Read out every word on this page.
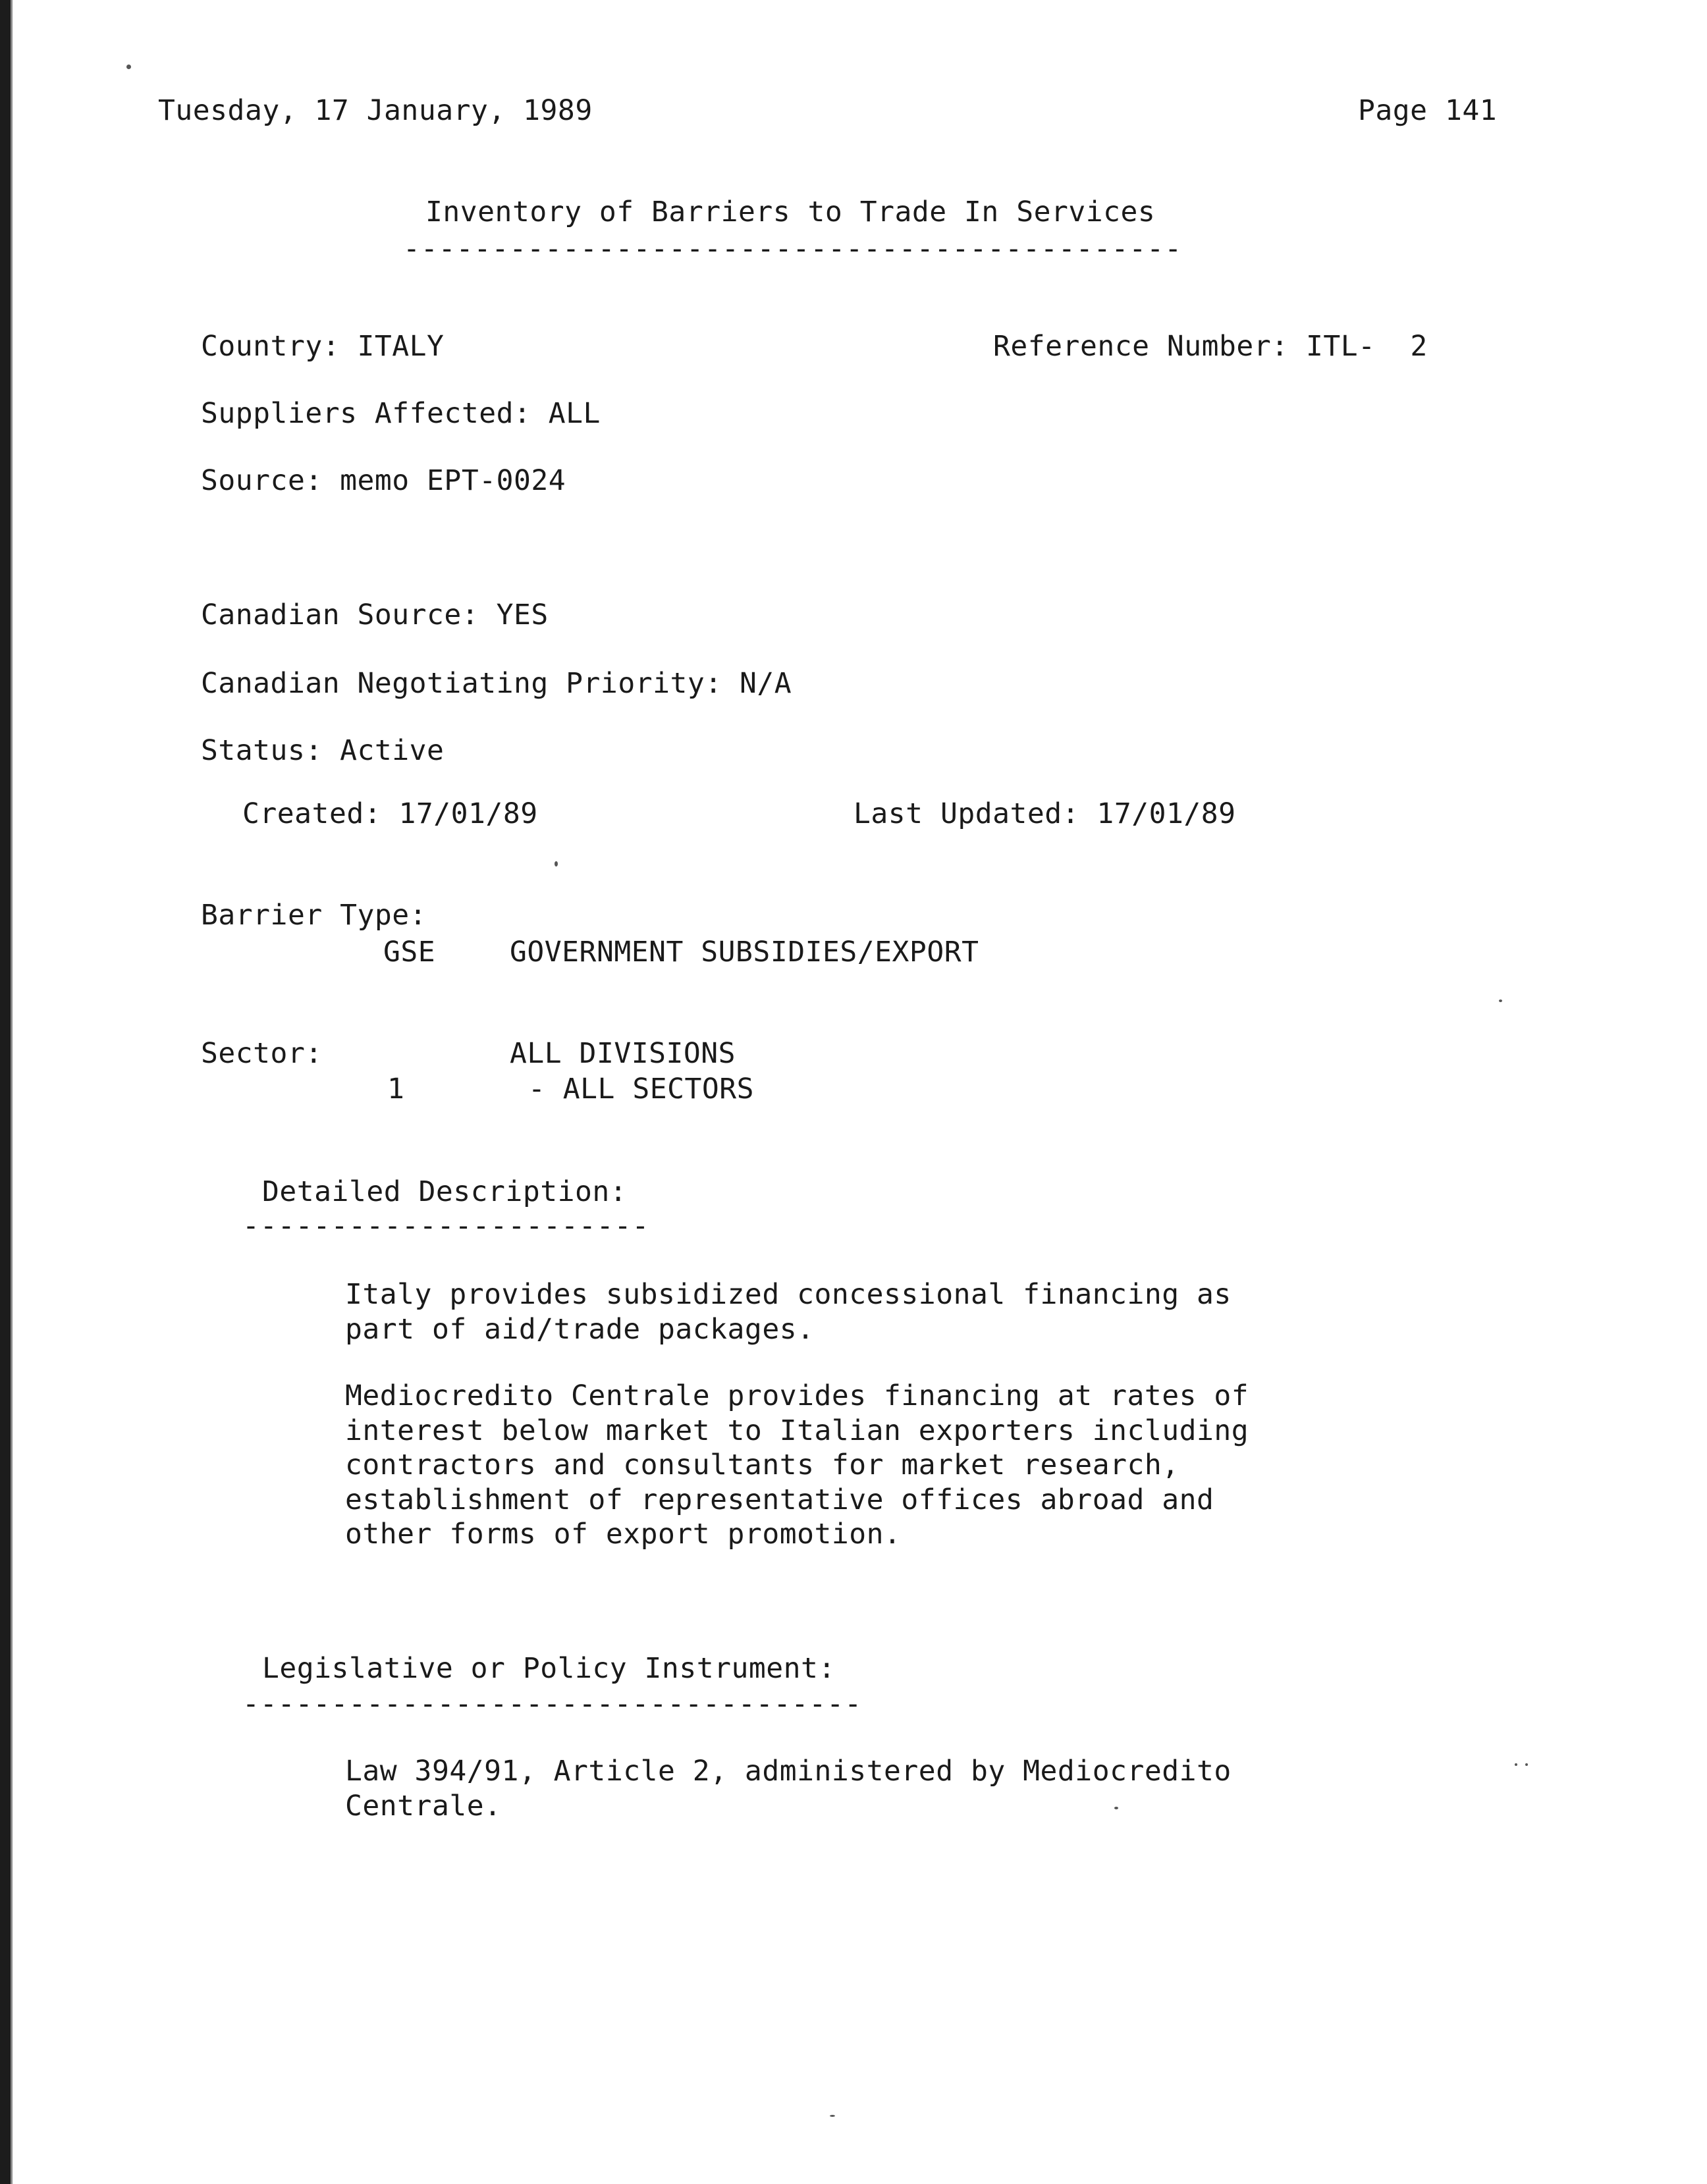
Tuesday, 17 January, 1989	Page 141
Inventory of Barriers to Trade In Services
--------------------------------------------
Country: ITALY	Reference Number: ITL-  2
Suppliers Affected: ALL
Source: memo EPT-0024
Canadian Source: YES
Canadian Negotiating Priority: N/A
Status: Active
Created: 17/01/89	Last Updated: 17/01/89
Barrier Type:
GSE	GOVERNMENT SUBSIDIES/EXPORT
Sector:	ALL DIVISIONS
1	- ALL SECTORS
Detailed Description:
-----------------------
Italy provides subsidized concessional financing as
part of aid/trade packages.
Mediocredito Centrale provides financing at rates of
interest below market to Italian exporters including
contractors and consultants for market research,
establishment of representative offices abroad and
other forms of export promotion.
Legislative or Policy Instrument:
-----------------------------------
Law 394/91, Article 2, administered by Mediocredito
Centrale.
